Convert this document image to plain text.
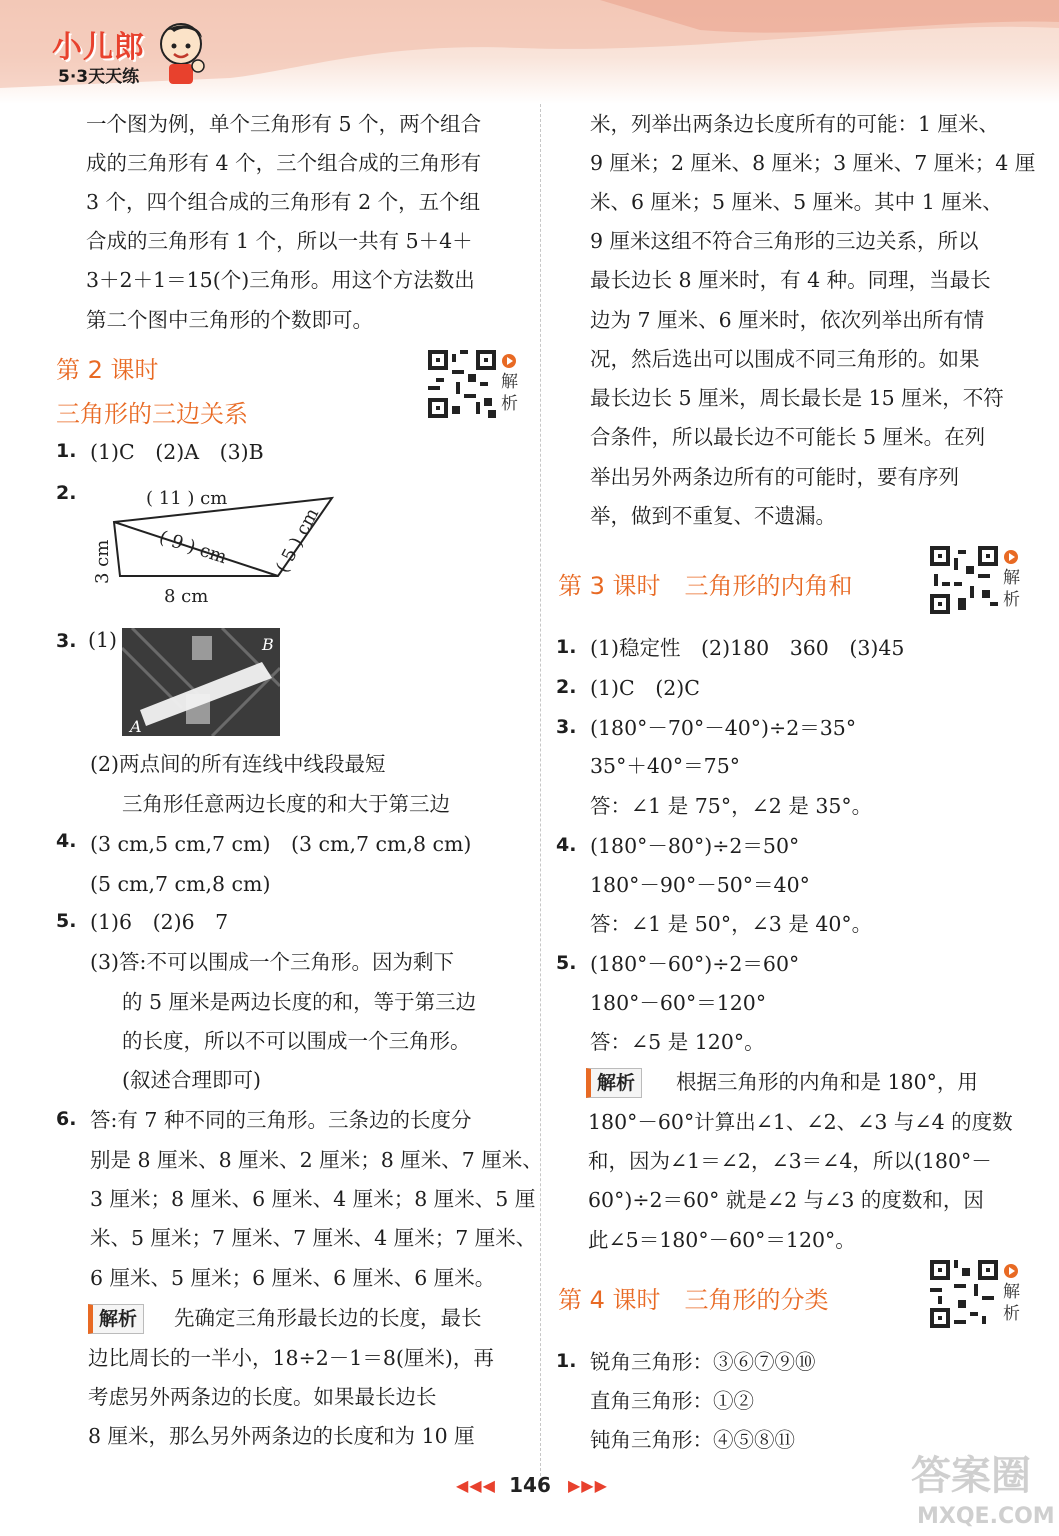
小儿郎
5·3天天练
一个图为例，单个三角形有 5 个，两个组合
成的三角形有 4 个，三个组合成的三角形有
3 个，四个组合成的三角形有 2 个，五个组
合成的三角形有 1 个，所以一共有 5＋4＋
3＋2＋1＝15(个)三角形。用这个方法数出
第二个图中三角形的个数即可。
第 2 课时
三角形的三边关系
1. (1)C　(2)A　(3)B
2.	( 11 ) cm
( 9 ) cm ( 5 ) cm
3 cm
8 cm
3. (1)
(2)两点间的所有连线中线段最短
三角形任意两边长度的和大于第三边
4. (3 cm,5 cm,7 cm)　(3 cm,7 cm,8 cm)
(5 cm,7 cm,8 cm)
5. (1)6　(2)6　7
(3)答:不可以围成一个三角形。因为剩下
的 5 厘米是两边长度的和，等于第三边
的长度，所以不可以围成一个三角形。
(叙述合理即可)
6. 答:有 7 种不同的三角形。三条边的长度分
别是 8 厘米、8 厘米、2 厘米；8 厘米、7 厘米、
3 厘米；8 厘米、6 厘米、4 厘米；8 厘米、5 厘
米、5 厘米；7 厘米、7 厘米、4 厘米；7 厘米、
6 厘米、5 厘米；6 厘米、6 厘米、6 厘米。
解析	先确定三角形最长边的长度，最长
边比周长的一半小，18÷2－1＝8(厘米)，再
考虑另外两条边的长度。如果最长边长
8 厘米，那么另外两条边的长度和为 10 厘
A
B
解
析
米，列举出两条边长度所有的可能：1 厘米、
9 厘米；2 厘米、8 厘米；3 厘米、7 厘米；4 厘
米、6 厘米；5 厘米、5 厘米。其中 1 厘米、
9 厘米这组不符合三角形的三边关系，所以
最长边长 8 厘米时，有 4 种。同理，当最长
边为 7 厘米、6 厘米时，依次列举出所有情
况，然后选出可以围成不同三角形的。如果
最长边长 5 厘米，周长最长是 15 厘米，不符
合条件，所以最长边不可能长 5 厘米。在列
举出另外两条边所有的可能时，要有序列
举，做到不重复、不遗漏。
第 3 课时　三角形的内角和
1. (1)稳定性　(2)180　360　(3)45
2. (1)C　(2)C
3. (180°－70°－40°)÷2＝35°
35°＋40°＝75°
答：∠1 是 75°，∠2 是 35°。
4. (180°－80°)÷2＝50°
180°－90°－50°＝40°
答：∠1 是 50°，∠3 是 40°。
5. (180°－60°)÷2＝60°
180°－60°＝120°
答：∠5 是 120°。
解析	根据三角形的内角和是 180°，用
180°－60°计算出∠1、∠2、∠3 与∠4 的度数
和，因为∠1＝∠2，∠3＝∠4，所以(180°－
60°)÷2＝60° 就是∠2 与∠3 的度数和，因
此∠5＝180°－60°＝120°。
第 4 课时　三角形的分类
1. 锐角三角形：③⑥⑦⑨⑩
直角三角形：①②
钝角三角形：④⑤⑧⑪
解
析
解
析
◀◀◀ 146	▶▶▶	答案圈
MXQE.COM
